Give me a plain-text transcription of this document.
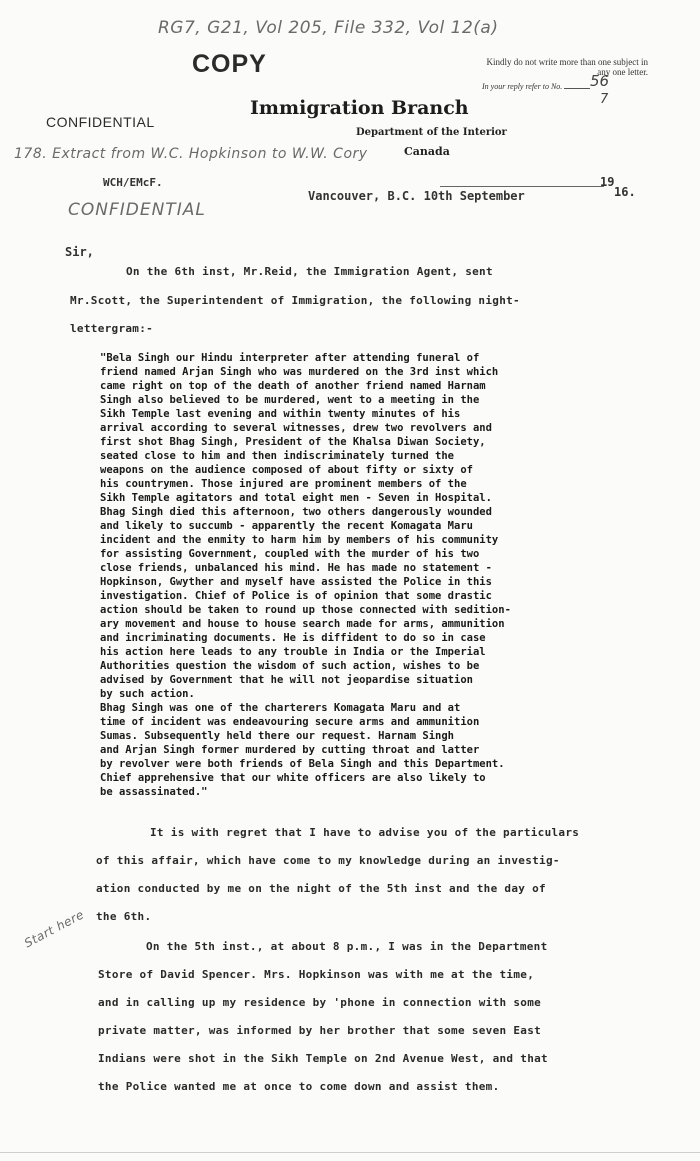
RG7, G21, Vol 205, File 332, Vol 12(a)
COPY
CONFIDENTIAL
Kindly do not write more than one subject in any one letter.
In your reply refer to No.	56
7
Immigration Branch
Department of the Interior
Canada
178. Extract from W.C. Hopkinson to W.W. Cory
WCH/EMcF.
Vancouver, B.C. 10th September
19
16.
CONFIDENTIAL
Sir,
On the 6th inst, Mr.Reid, the Immigration Agent, sent
Mr.Scott, the Superintendent of Immigration, the following night-
lettergram:-
"Bela Singh our Hindu interpreter after attending funeral of
friend named Arjan Singh who was murdered on the 3rd inst which
came right on top of the death of another friend named Harnam
Singh also believed to be murdered, went to a meeting in the
Sikh Temple last evening and within twenty minutes of his
arrival according to several witnesses, drew two revolvers and
first shot Bhag Singh, President of the Khalsa Diwan Society,
seated close to him and then indiscriminately turned the
weapons on the audience composed of about fifty or sixty of
his countrymen. Those injured are prominent members of the
Sikh Temple agitators and total eight men - Seven in Hospital.
Bhag Singh died this afternoon, two others dangerously wounded
and likely to succumb - apparently the recent Komagata Maru
incident and the enmity to harm him by members of his community
for assisting Government, coupled with the murder of his two
close friends, unbalanced his mind. He has made no statement -
Hopkinson, Gwyther and myself have assisted the Police in this
investigation. Chief of Police is of opinion that some drastic
action should be taken to round up those connected with sedition-
ary movement and house to house search made for arms, ammunition
and incriminating documents. He is diffident to do so in case
his action here leads to any trouble in India or the Imperial
Authorities question the wisdom of such action, wishes to be
advised by Government that he will not jeopardise situation
by such action.
Bhag Singh was one of the charterers Komagata Maru and at
time of incident was endeavouring secure arms and ammunition
Sumas. Subsequently held there our request. Harnam Singh
and Arjan Singh former murdered by cutting throat and latter
by revolver were both friends of Bela Singh and this Department.
Chief apprehensive that our white officers are also likely to
be assassinated."
It is with regret that I have to advise you of the particulars
of this affair, which have come to my knowledge during an investig-
ation conducted by me on the night of the 5th inst and the day of
the 6th.
On the 5th inst., at about 8 p.m., I was in the Department
Store of David Spencer. Mrs. Hopkinson was with me at the time,
and in calling up my residence by 'phone in connection with some
private matter, was informed by her brother that some seven East
Indians were shot in the Sikh Temple on 2nd Avenue West, and that
the Police wanted me at once to come down and assist them.
Start here
